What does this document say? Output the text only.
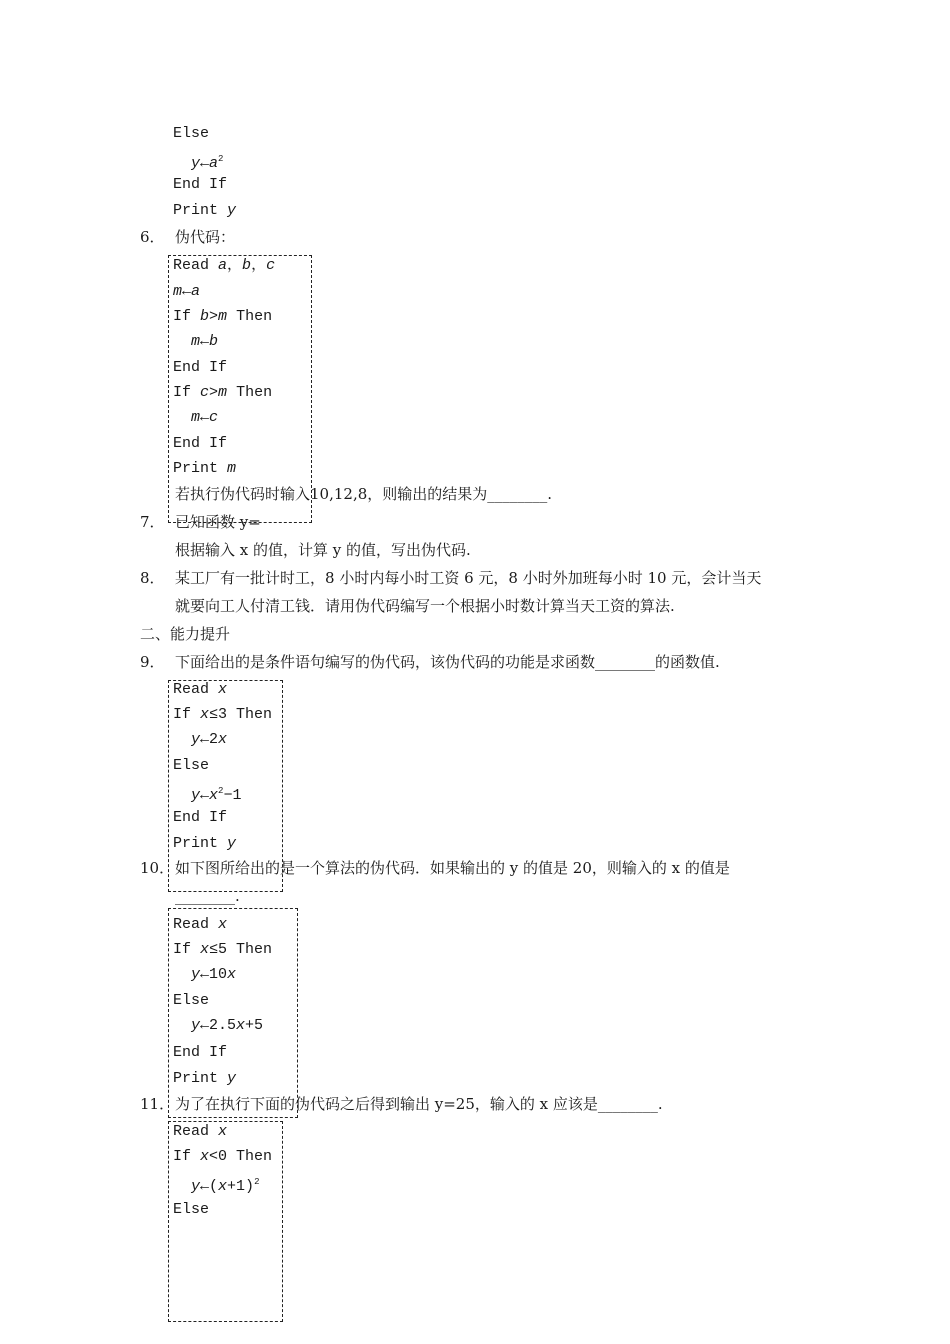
Else
$y\leftarrow a^2$
End If
Print y
6． 伪代码：
Read a，b，c
m←a
If b>m Then
m←b
End If
If c>m Then
m←c
End If
Print m
若执行伪代码时输入10,12,8，则输出的结果为________.
7． 已知函数 y=
根据输入 x 的值，计算 y 的值，写出伪代码.
8． 某工厂有一批计时工，8 小时内每小时工资 6 元，8 小时外加班每小时 10 元，会计当天
就要向工人付清工钱．请用伪代码编写一个根据小时数计算当天工资的算法.
二、能力提升
9． 下面给出的是条件语句编写的伪代码，该伪代码的功能是求函数________的函数值.
Read x
If x≤3 Then
y←2x
Else
$y\leftarrow x^2-1$
End If
Print y
10． 如下图所给出的是一个算法的伪代码．如果输出的 y 的值是 20，则输入的 x 的值是
________.
Read x
If x≤5 Then
y←10x
Else
y←2.5x+5
End If
Print y
11． 为了在执行下面的伪代码之后得到输出 y=25，输入的 x 应该是________.
Read x
If x<0 Then
$y\leftarrow(x+1)^2$
Else
